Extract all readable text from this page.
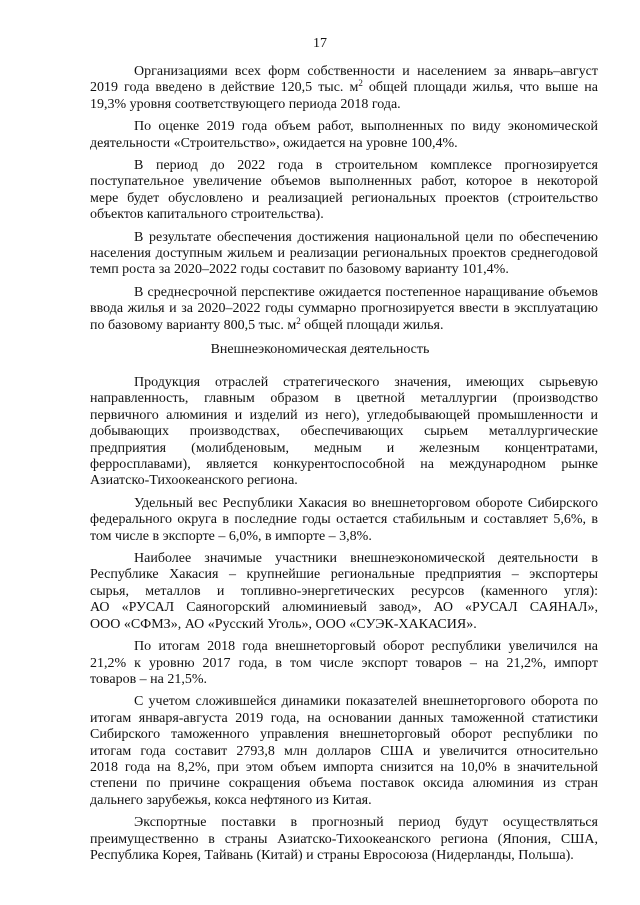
17

Организациями всех форм собственности и населением за январь–август
2019 года введено в действие 120,5 тыс. $м^2$ общей площади жилья, что выше на
19,3% уровня соответствующего периода 2018 года.

По оценке 2019 года объем работ, выполненных по виду экономической
деятельности «Строительство», ожидается на уровне 100,4%.

В период до 2022 года в строительном комплексе прогнозируется
поступательное увеличение объемов выполненных работ, которое в некоторой
мере будет обусловлено и реализацией региональных проектов (строительство
объектов капитального строительства).

В результате обеспечения достижения национальной цели по обеспечению
населения доступным жильем и реализации региональных проектов среднегодовой
темп роста за 2020–2022 годы составит по базовому варианту 101,4%.

В среднесрочной перспективе ожидается постепенное наращивание объемов
ввода жилья и за 2020–2022 годы суммарно прогнозируется ввести в эксплуатацию
по базовому варианту 800,5 тыс. $м^2$ общей площади жилья.

Внешнеэкономическая деятельность

Продукция отраслей стратегического значения, имеющих сырьевую
направленность, главным образом в цветной металлургии (производство
первичного алюминия и изделий из него), угледобывающей промышленности и
добывающих производствах, обеспечивающих сырьем металлургические
предприятия (молибденовым, медным и железным концентратами,
ферросплавами), является конкурентоспособной на международном рынке
Азиатско-Тихоокеанского региона.

Удельный вес Республики Хакасия во внешнеторговом обороте Сибирского
федерального округа в последние годы остается стабильным и составляет 5,6%, в
том числе в экспорте – 6,0%, в импорте – 3,8%.

Наиболее значимые участники внешнеэкономической деятельности в
Республике Хакасия – крупнейшие региональные предприятия – экспортеры
сырья, металлов и топливно-энергетических ресурсов (каменного угля):
АО «РУСАЛ Саяногорский алюминиевый завод», АО «РУСАЛ САЯНАЛ»,
ООО «СФМЗ», АО «Русский Уголь», ООО «СУЭК-ХАКАСИЯ».

По итогам 2018 года внешнеторговый оборот республики увеличился на
21,2% к уровню 2017 года, в том числе экспорт товаров – на 21,2%, импорт
товаров – на 21,5%.

С учетом сложившейся динамики показателей внешнеторгового оборота по
итогам января-августа 2019 года, на основании данных таможенной статистики
Сибирского таможенного управления внешнеторговый оборот республики по
итогам года составит 2793,8 млн долларов США и увеличится относительно
2018 года на 8,2%, при этом объем импорта снизится на 10,0% в значительной
степени по причине сокращения объема поставок оксида алюминия из стран
дальнего зарубежья, кокса нефтяного из Китая.

Экспортные поставки в прогнозный период будут осуществляться
преимущественно в страны Азиатско-Тихоокеанского региона (Япония, США,
Республика Корея, Тайвань (Китай) и страны Евросоюза (Нидерланды, Польша).
